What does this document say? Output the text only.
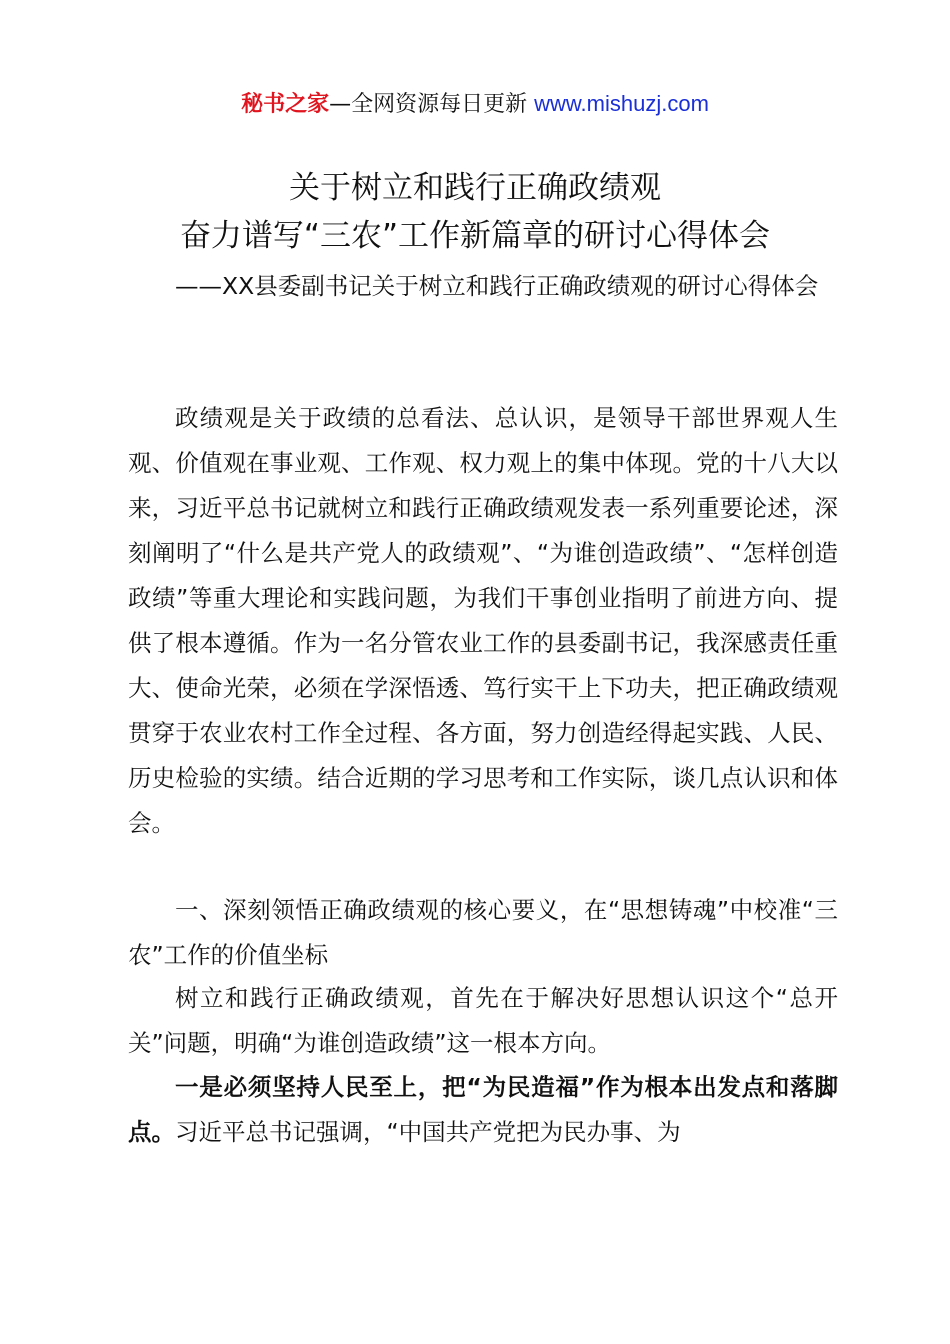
秘书之家—全网资源每日更新 www.mishuzj.com
关于树立和践行正确政绩观
奋力谱写“三农”工作新篇章的研讨心得体会

——XX县委副书记关于树立和践行正确政绩观的研讨心得体会

政绩观是关于政绩的总看法、总认识，是领导干部世界观人生观、价值观在事业观、工作观、权力观上的集中体现。党的十八大以来，习近平总书记就树立和践行正确政绩观发表一系列重要论述，深刻阐明了“什么是共产党人的政绩观”、“为谁创造政绩”、“怎样创造政绩”等重大理论和实践问题，为我们干事创业指明了前进方向、提供了根本遵循。作为一名分管农业工作的县委副书记，我深感责任重大、使命光荣，必须在学深悟透、笃行实干上下功夫，把正确政绩观贯穿于农业农村工作全过程、各方面，努力创造经得起实践、人民、历史检验的实绩。结合近期的学习思考和工作实际，谈几点认识和体会。

一、深刻领悟正确政绩观的核心要义，在“思想铸魂”中校准“三农”工作的价值坐标

树立和践行正确政绩观，首先在于解决好思想认识这个“总开关”问题，明确“为谁创造政绩”这一根本方向。

一是必须坚持人民至上，把“为民造福”作为根本出发点和落脚点。习近平总书记强调，“中国共产党把为民办事、为
